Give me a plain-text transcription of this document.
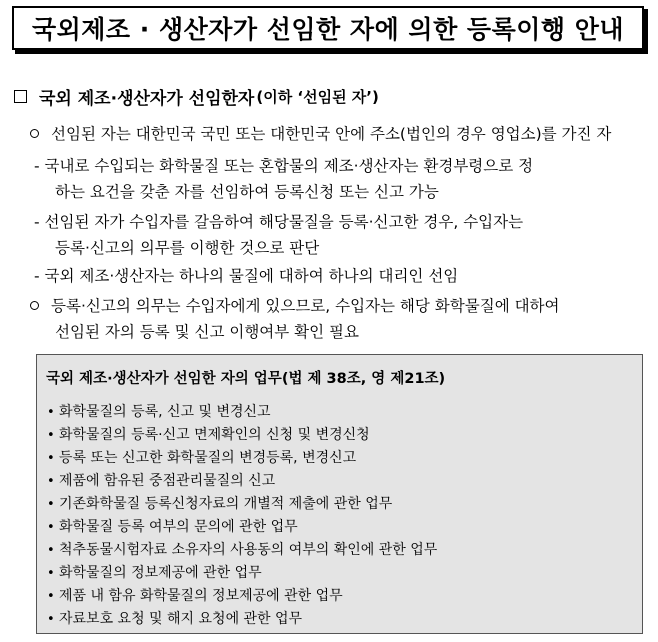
국외제조 · 생산자가 선임한 자에 의한 등록이행 안내
국외 제조·생산자가 선임한자 (이하 ‘선임된 자’)
선임된 자는 대한민국 국민 또는 대한민국 안에 주소(법인의 경우 영업소)를 가진 자
- 국내로 수입되는 화학물질 또는 혼합물의 제조·생산자는 환경부령으로 정
하는 요건을 갖춘 자를 선임하여 등록신청 또는 신고 가능
- 선임된 자가 수입자를 갈음하여 해당물질을 등록·신고한 경우, 수입자는
등록·신고의 의무를 이행한 것으로 판단
- 국외 제조·생산자는 하나의 물질에 대하여 하나의 대리인 선임
등록·신고의 의무는 수입자에게 있으므로, 수입자는 해당 화학물질에 대하여
선임된 자의 등록 및 신고 이행여부 확인 필요
국외 제조·생산자가 선임한 자의 업무(법 제 38조, 영 제21조)
• 화학물질의 등록, 신고 및 변경신고
• 화학물질의 등록·신고 면제확인의 신청 및 변경신청
• 등록 또는 신고한 화학물질의 변경등록, 변경신고
• 제품에 함유된 중점관리물질의 신고
• 기존화학물질 등록신청자료의 개별적 제출에 관한 업무
• 화학물질 등록 여부의 문의에 관한 업무
• 척추동물시험자료 소유자의 사용동의 여부의 확인에 관한 업무
• 화학물질의 정보제공에 관한 업무
• 제품 내 함유 화학물질의 정보제공에 관한 업무
• 자료보호 요청 및 해지 요청에 관한 업무
